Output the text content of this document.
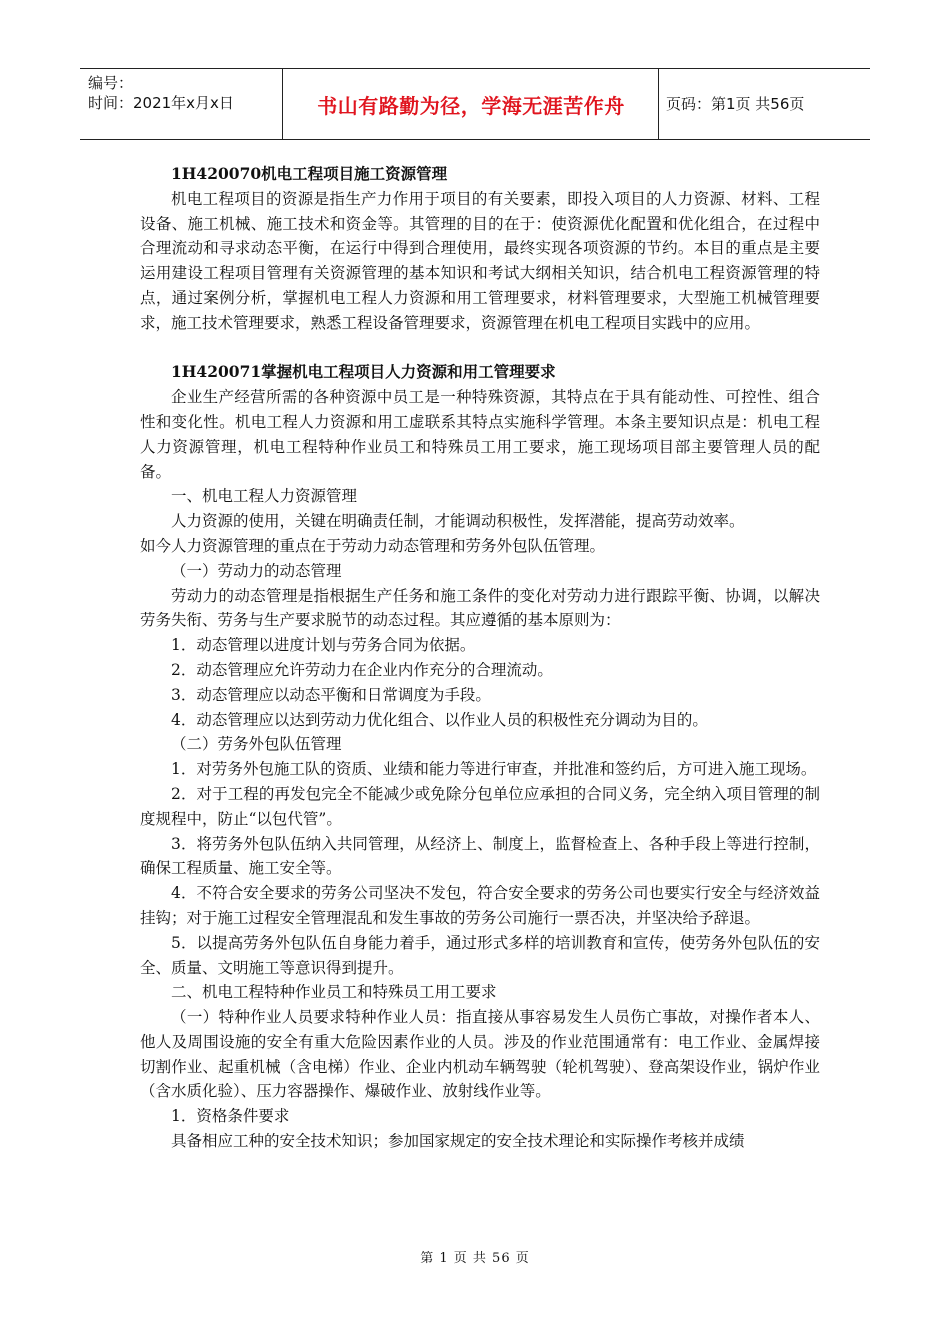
编号：
时间：2021年x月x日	书山有路勤为径，学海无涯苦作舟	页码：第1页 共56页

1H420070机电工程项目施工资源管理

机电工程项目的资源是指生产力作用于项目的有关要素，即投入项目的人力资源、材料、工程设备、施工机械、施工技术和资金等。其管理的目的在于：使资源优化配置和优化组合，在过程中合理流动和寻求动态平衡，在运行中得到合理使用，最终实现各项资源的节约。本目的重点是主要运用建设工程项目管理有关资源管理的基本知识和考试大纲相关知识，结合机电工程资源管理的特点，通过案例分析，掌握机电工程人力资源和用工管理要求，材料管理要求，大型施工机械管理要求，施工技术管理要求，熟悉工程设备管理要求，资源管理在机电工程项目实践中的应用。

1H420071掌握机电工程项目人力资源和用工管理要求

企业生产经营所需的各种资源中员工是一种特殊资源，其特点在于具有能动性、可控性、组合性和变化性。机电工程人力资源和用工虚联系其特点实施科学管理。本条主要知识点是：机电工程人力资源管理，机电工程特种作业员工和特殊员工用工要求，施工现场项目部主要管理人员的配备。

一、机电工程人力资源管理

人力资源的使用，关键在明确责任制，才能调动积极性，发挥潜能，提高劳动效率。

如今人力资源管理的重点在于劳动力动态管理和劳务外包队伍管理。

（一）劳动力的动态管理

劳动力的动态管理是指根据生产任务和施工条件的变化对劳动力进行跟踪平衡、协调，以解决劳务失衔、劳务与生产要求脱节的动态过程。其应遵循的基本原则为：

1．动态管理以进度计划与劳务合同为依据。

2．动态管理应允许劳动力在企业内作充分的合理流动。

3．动态管理应以动态平衡和日常调度为手段。

4．动态管理应以达到劳动力优化组合、以作业人员的积极性充分调动为目的。

（二）劳务外包队伍管理

1．对劳务外包施工队的资质、业绩和能力等进行审查，并批准和签约后，方可进入施工现场。

2．对于工程的再发包完全不能减少或免除分包单位应承担的合同义务，完全纳入项目管理的制度规程中，防止“以包代管”。

3．将劳务外包队伍纳入共同管理，从经济上、制度上，监督检查上、各种手段上等进行控制，确保工程质量、施工安全等。

4．不符合安全要求的劳务公司坚决不发包，符合安全要求的劳务公司也要实行安全与经济效益挂钩；对于施工过程安全管理混乱和发生事故的劳务公司施行一票否决，并坚决给予辞退。

5．以提高劳务外包队伍自身能力着手，通过形式多样的培训教育和宣传，使劳务外包队伍的安全、质量、文明施工等意识得到提升。

二、机电工程特种作业员工和特殊员工用工要求

（一）特种作业人员要求特种作业人员：指直接从事容易发生人员伤亡事故，对操作者本人、他人及周围设施的安全有重大危险因素作业的人员。涉及的作业范围通常有：电工作业、金属焊接切割作业、起重机械（含电梯）作业、企业内机动车辆驾驶（轮机驾驶）、登高架设作业，锅炉作业（含水质化验）、压力容器操作、爆破作业、放射线作业等。

1．资格条件要求

具备相应工种的安全技术知识；参加国家规定的安全技术理论和实际操作考核并成绩

第 1 页 共 56 页
